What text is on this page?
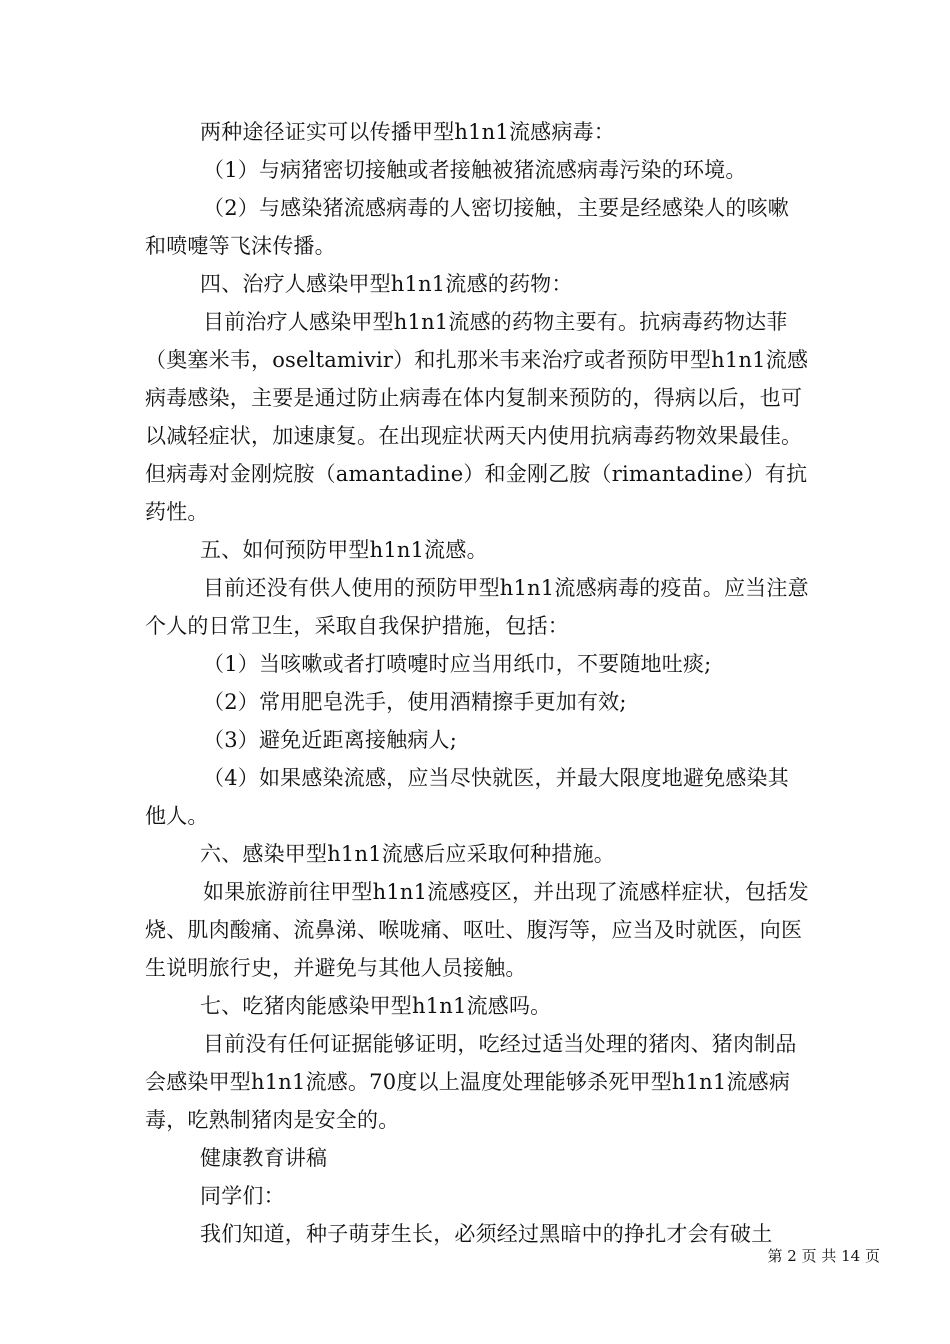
两种途径证实可以传播甲型h1n1流感病毒：

（1）与病猪密切接触或者接触被猪流感病毒污染的环境。

（2）与感染猪流感病毒的人密切接触，主要是经感染人的咳嗽和喷嚏等飞沫传播。

四、治疗人感染甲型h1n1流感的药物：

目前治疗人感染甲型h1n1流感的药物主要有。抗病毒药物达菲（奥塞米韦，oseltamivir）和扎那米韦来治疗或者预防甲型h1n1流感病毒感染，主要是通过防止病毒在体内复制来预防的，得病以后，也可以减轻症状，加速康复。在出现症状两天内使用抗病毒药物效果最佳。但病毒对金刚烷胺（amantadine）和金刚乙胺（rimantadine）有抗药性。

五、如何预防甲型h1n1流感。

目前还没有供人使用的预防甲型h1n1流感病毒的疫苗。应当注意个人的日常卫生，采取自我保护措施，包括：

（1）当咳嗽或者打喷嚏时应当用纸巾，不要随地吐痰;

（2）常用肥皂洗手，使用酒精擦手更加有效;

（3）避免近距离接触病人;

（4）如果感染流感，应当尽快就医，并最大限度地避免感染其他人。

六、感染甲型h1n1流感后应采取何种措施。

如果旅游前往甲型h1n1流感疫区，并出现了流感样症状，包括发烧、肌肉酸痛、流鼻涕、喉咙痛、呕吐、腹泻等，应当及时就医，向医生说明旅行史，并避免与其他人员接触。

七、吃猪肉能感染甲型h1n1流感吗。

目前没有任何证据能够证明，吃经过适当处理的猪肉、猪肉制品会感染甲型h1n1流感。70度以上温度处理能够杀死甲型h1n1流感病毒，吃熟制猪肉是安全的。

健康教育讲稿

同学们：

我们知道，种子萌芽生长，必须经过黑暗中的挣扎才会有破土

第 2 页 共 14 页
